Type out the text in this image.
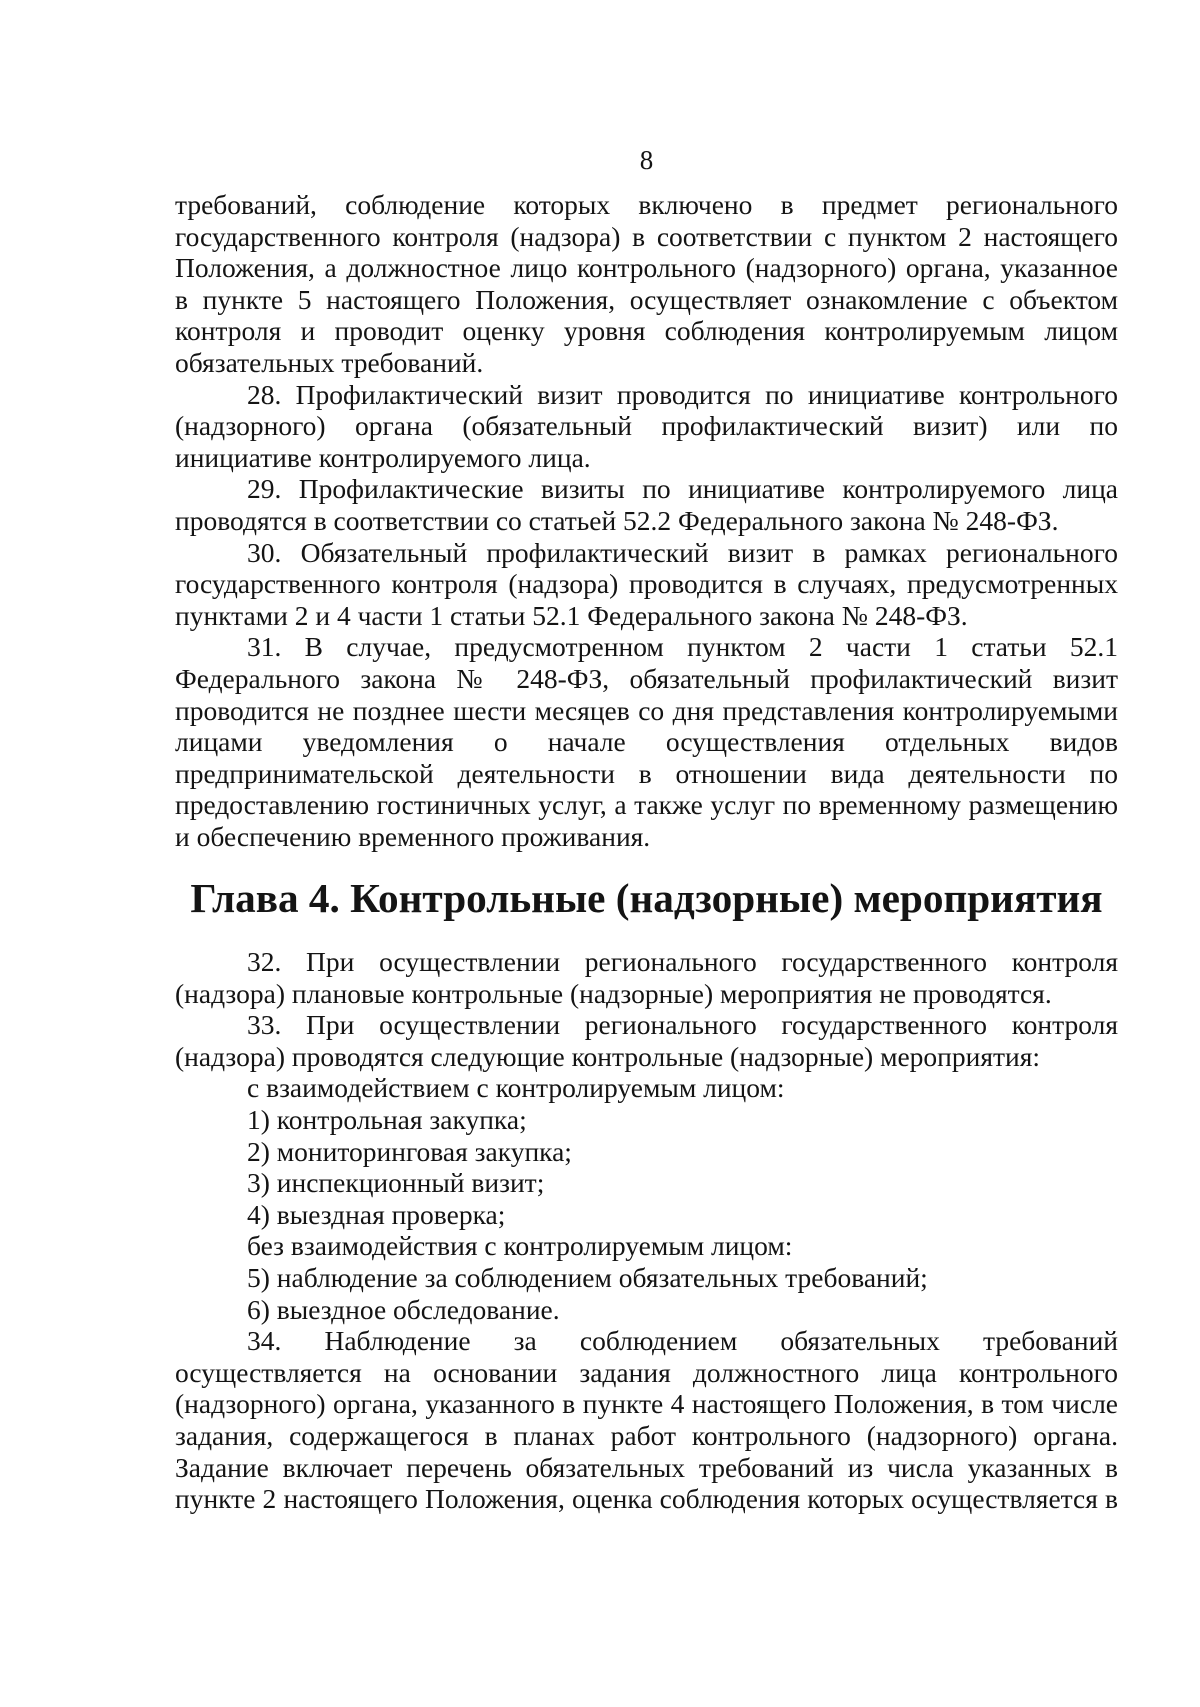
8

требований, соблюдение которых включено в предмет регионального государственного контроля (надзора) в соответствии с пунктом 2 настоящего Положения, а должностное лицо контрольного (надзорного) органа, указанное в пункте 5 настоящего Положения, осуществляет ознакомление с объектом контроля и проводит оценку уровня соблюдения контролируемым лицом обязательных требований.

28. Профилактический визит проводится по инициативе контрольного (надзорного) органа (обязательный профилактический визит) или по инициативе контролируемого лица.

29. Профилактические визиты по инициативе контролируемого лица проводятся в соответствии со статьей 52.2 Федерального закона № 248-ФЗ.

30. Обязательный профилактический визит в рамках регионального государственного контроля (надзора) проводится в случаях, предусмотренных пунктами 2 и 4 части 1 статьи 52.1 Федерального закона № 248-ФЗ.

31. В случае, предусмотренном пунктом 2 части 1 статьи 52.1 Федерального закона № 248-ФЗ, обязательный профилактический визит проводится не позднее шести месяцев со дня представления контролируемыми лицами уведомления о начале осуществления отдельных видов предпринимательской деятельности в отношении вида деятельности по предоставлению гостиничных услуг, а также услуг по временному размещению и обеспечению временного проживания.

Глава 4. Контрольные (надзорные) мероприятия

32. При осуществлении регионального государственного контроля (надзора) плановые контрольные (надзорные) мероприятия не проводятся.

33. При осуществлении регионального государственного контроля (надзора) проводятся следующие контрольные (надзорные) мероприятия:

с взаимодействием с контролируемым лицом:

1) контрольная закупка;

2) мониторинговая закупка;

3) инспекционный визит;

4) выездная проверка;

без взаимодействия с контролируемым лицом:

5) наблюдение за соблюдением обязательных требований;

6) выездное обследование.

34. Наблюдение за соблюдением обязательных требований осуществляется на основании задания должностного лица контрольного (надзорного) органа, указанного в пункте 4 настоящего Положения, в том числе задания, содержащегося в планах работ контрольного (надзорного) органа. Задание включает перечень обязательных требований из числа указанных в пункте 2 настоящего Положения, оценка соблюдения которых осуществляется в
